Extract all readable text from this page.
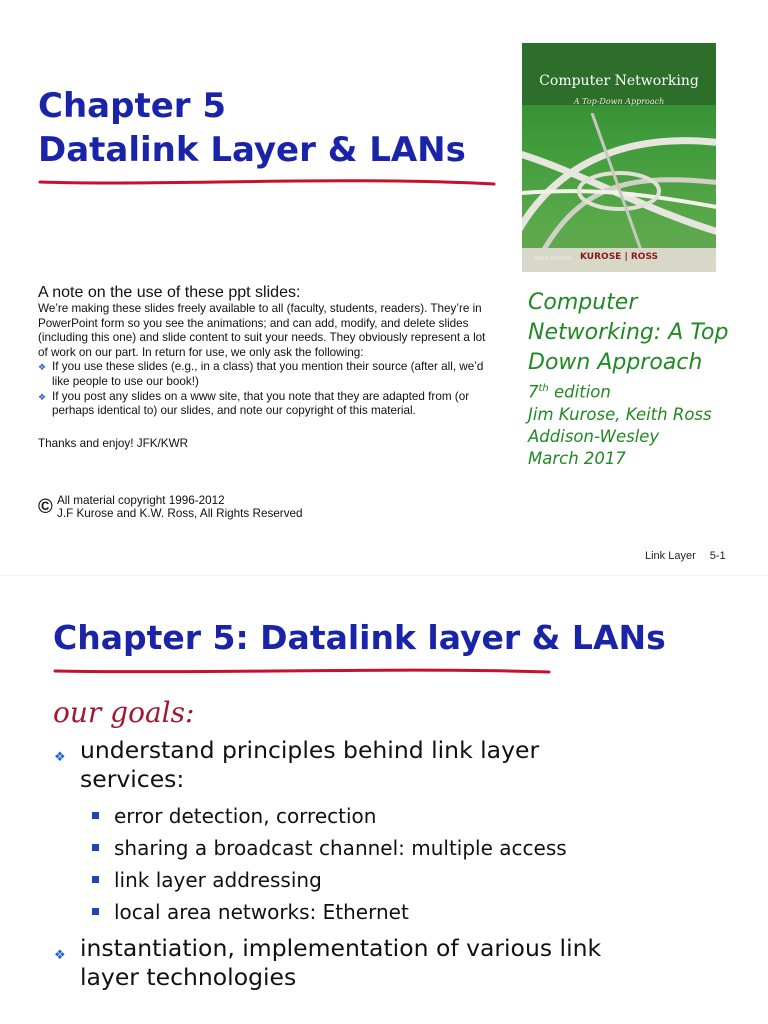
Chapter 5
Datalink Layer & LANs
Computer Networking
A Top-Down Approach
sixth edition KUROSE | ROSS

A note on the use of these ppt slides:

We’re making these slides freely available to all (faculty, students, readers). They’re in PowerPoint form so you see the animations; and can add, modify, and delete slides (including this one) and slide content to suit your needs. They obviously represent a lot of work on our part. In return for use, we only ask the following:

❖ If you use these slides (e.g., in a class) that you mention their source (after all, we’d like people to use our book!)
❖ If you post any slides on a www site, that you note that they are adapted from (or perhaps identical to) our slides, and note our copyright of this material.

Thanks and enjoy! JFK/KWR

© All material copyright 1996-2012
J.F Kurose and K.W. Ross, All Rights Reserved
Computer
Networking: A Top
Down Approach
7th edition
Jim Kurose, Keith Ross
Addison-Wesley
March 2017
Link Layer 5-1
Chapter 5: Datalink layer & LANs
our goals:
❖ understand principles behind link layer
services:
error detection, correction
sharing a broadcast channel: multiple access
link layer addressing
local area networks: Ethernet
❖ instantiation, implementation of various link
layer technologies
